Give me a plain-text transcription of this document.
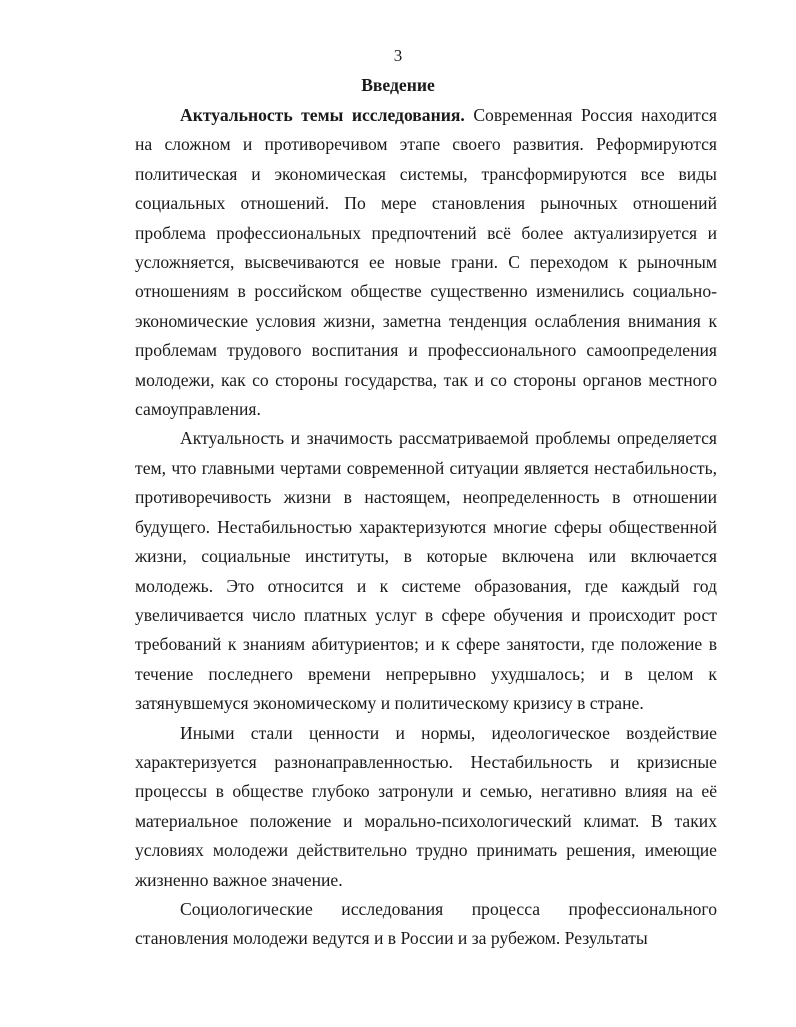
3
Введение

Актуальность темы исследования. Современная Россия находится на сложном и противоречивом этапе своего развития. Реформируются политическая и экономическая системы, трансформируются все виды социальных отношений. По мере становления рыночных отношений проблема профессиональных предпочтений всё более актуализируется и усложняется, высвечиваются ее новые грани. С переходом к рыночным отношениям в российском обществе существенно изменились социально-экономические условия жизни, заметна тенденция ослабления внимания к проблемам трудового воспитания и профессионального самоопределения молодежи, как со стороны государства, так и со стороны органов местного самоуправления.

Актуальность и значимость рассматриваемой проблемы определяется тем, что главными чертами современной ситуации является нестабильность, противоречивость жизни в настоящем, неопределенность в отношении будущего. Нестабильностью характеризуются многие сферы общественной жизни, социальные институты, в которые включена или включается молодежь. Это относится и к системе образования, где каждый год увеличивается число платных услуг в сфере обучения и происходит рост требований к знаниям абитуриентов; и к сфере занятости, где положение в течение последнего времени непрерывно ухудшалось; и в целом к затянувшемуся экономическому и политическому кризису в стране.

Иными стали ценности и нормы, идеологическое воздействие характеризуется разнонаправленностью. Нестабильность и кризисные процессы в обществе глубоко затронули и семью, негативно влияя на её материальное положение и морально-психологический климат. В таких условиях молодежи действительно трудно принимать решения, имеющие жизненно важное значение.

Социологические исследования процесса профессионального становления молодежи ведутся и в России и за рубежом. Результаты
